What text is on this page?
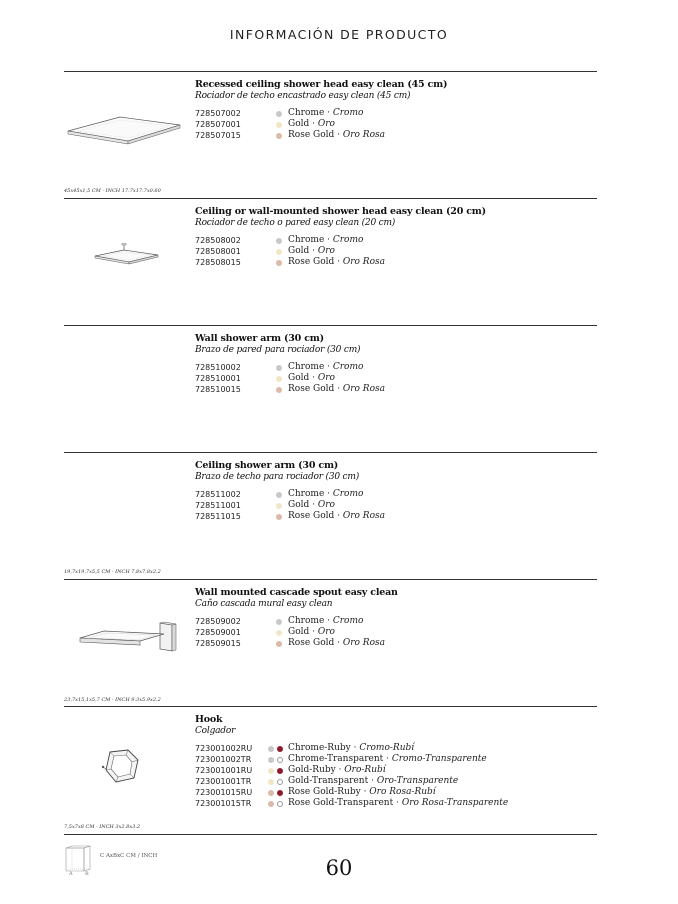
INFORMACIÓN DE PRODUCTO
Recessed ceiling shower head easy clean (45 cm)
Rociador de techo encastrado easy clean (45 cm)
728507002	Chrome · Cromo
728507001	Gold · Oro
728507015	Rose Gold · Oro Rosa
45x45x1,5 CM · INCH 17.7x17.7x0.60
Ceiling or wall-mounted shower head easy clean (20 cm)
Rociador de techo o pared easy clean (20 cm)
728508002	Chrome · Cromo
728508001	Gold · Oro
728508015	Rose Gold · Oro Rosa
Wall shower arm (30 cm)
Brazo de pared para rociador (30 cm)
728510002	Chrome · Cromo
728510001	Gold · Oro
728510015	Rose Gold · Oro Rosa
Ceiling shower arm (30 cm)
Brazo de techo para rociador (30 cm)
728511002	Chrome · Cromo
728511001	Gold · Oro
728511015	Rose Gold · Oro Rosa
19,7x19,7x5,5 CM · INCH 7.8x7.8x2.2
Wall mounted cascade spout easy clean
Caño cascada mural easy clean
728509002	Chrome · Cromo
728509001	Gold · Oro
728509015	Rose Gold · Oro Rosa
23,7x15,1x5,7 CM · INCH 9.3x5.9x2.2
Hook
Colgador
723001002RU	Chrome-Ruby · Cromo-Rubí
723001002TR	Chrome-Transparent · Cromo-Transparente
723001001RU	Gold-Ruby · Oro-Rubí
723001001TR	Gold-Transparent · Oro-Transparente
723001015RU	Rose Gold-Ruby · Oro Rosa-Rubí
723001015TR	Rose Gold-Transparent · Oro Rosa-Transparente
7,5x7x8 CM · INCH 3x2.8x3.2
A B
C AxBxC CM / INCH	60
